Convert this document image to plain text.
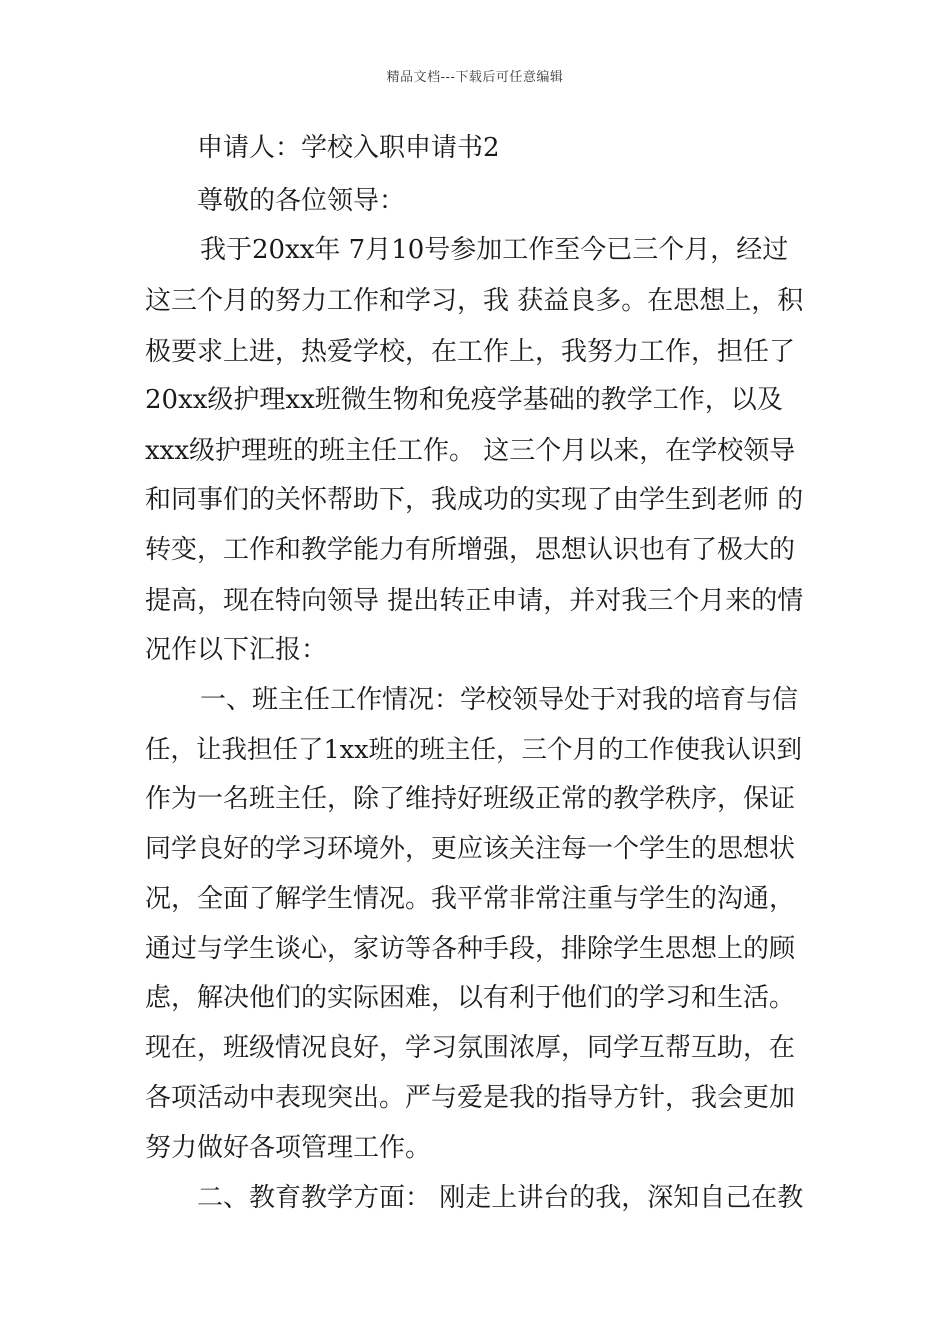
精品文档---下载后可任意编辑
申请人：学校入职申请书2
尊敬的各位领导：
我于20xx年 7月10号参加工作至今已三个月，经过
这三个月的努力工作和学习，我 获益良多。在思想上，积
极要求上进，热爱学校，在工作上，我努力工作，担任了
20xx级护理xx班微生物和免疫学基础的教学工作，以及
xxx级护理班的班主任工作。 这三个月以来，在学校领导
和同事们的关怀帮助下，我成功的实现了由学生到老师 的
转变，工作和教学能力有所增强，思想认识也有了极大的
提高，现在特向领导 提出转正申请，并对我三个月来的情
况作以下汇报：
一、班主任工作情况：学校领导处于对我的培育与信
任，让我担任了1xx班的班主任，三个月的工作使我认识到
作为一名班主任，除了维持好班级正常的教学秩序，保证
同学良好的学习环境外，更应该关注每一个学生的思想状
况，全面了解学生情况。我平常非常注重与学生的沟通，
通过与学生谈心，家访等各种手段，排除学生思想上的顾
虑，解决他们的实际困难，以有利于他们的学习和生活。
现在，班级情况良好，学习氛围浓厚，同学互帮互助，在
各项活动中表现突出。严与爱是我的指导方针，我会更加
努力做好各项管理工作。
二、教育教学方面： 刚走上讲台的我，深知自己在教
